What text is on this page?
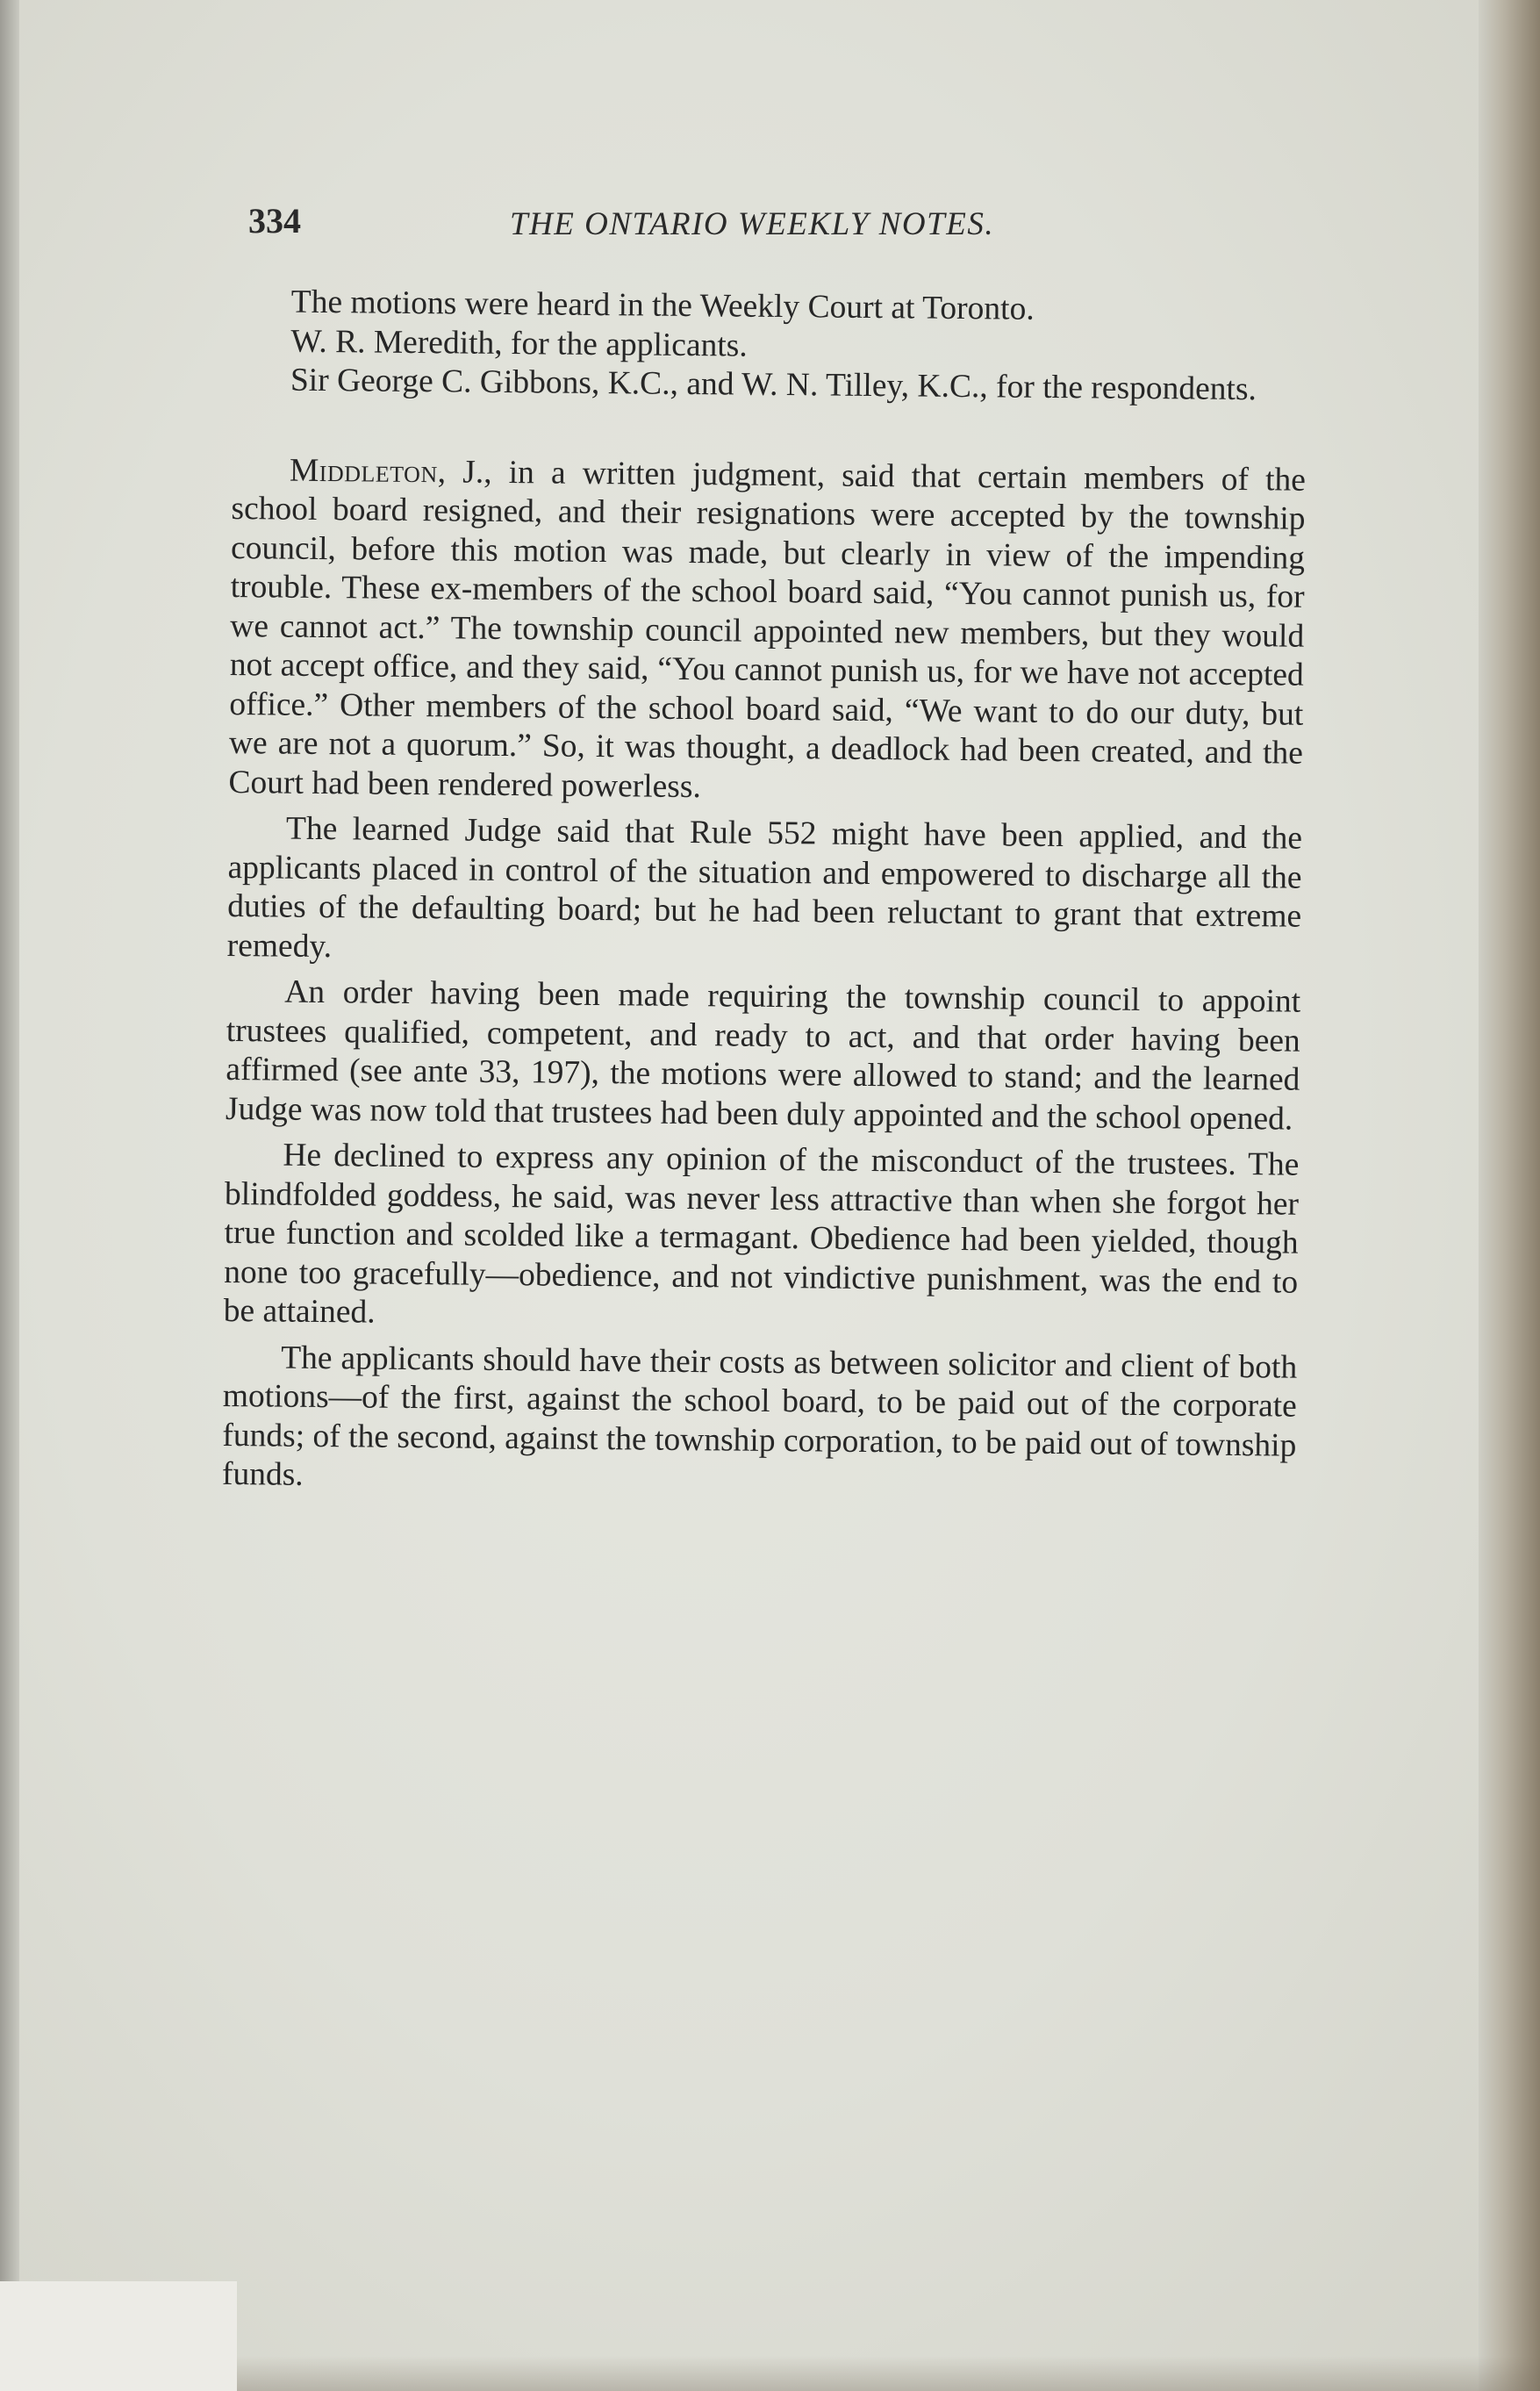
334	THE ONTARIO WEEKLY NOTES.

The motions were heard in the Weekly Court at Toronto.

W. R. Meredith, for the applicants.

Sir George C. Gibbons, K.C., and W. N. Tilley, K.C., for the respondents.

Middleton, J., in a written judgment, said that certain members of the school board resigned, and their resignations were accepted by the township council, before this motion was made, but clearly in view of the impending trouble. These ex-members of the school board said, “You cannot punish us, for we cannot act.” The township council appointed new members, but they would not accept office, and they said, “You cannot punish us, for we have not accepted office.” Other members of the school board said, “We want to do our duty, but we are not a quorum.” So, it was thought, a deadlock had been created, and the Court had been rendered powerless.

The learned Judge said that Rule 552 might have been applied, and the applicants placed in control of the situation and empowered to discharge all the duties of the defaulting board; but he had been reluctant to grant that extreme remedy.

An order having been made requiring the township council to appoint trustees qualified, competent, and ready to act, and that order having been affirmed (see ante 33, 197), the motions were allowed to stand; and the learned Judge was now told that trustees had been duly appointed and the school opened.

He declined to express any opinion of the misconduct of the trustees. The blindfolded goddess, he said, was never less attractive than when she forgot her true function and scolded like a termagant. Obedience had been yielded, though none too gracefully—obedience, and not vindictive punishment, was the end to be attained.

The applicants should have their costs as between solicitor and client of both motions—of the first, against the school board, to be paid out of the corporate funds; of the second, against the township corporation, to be paid out of township funds.
